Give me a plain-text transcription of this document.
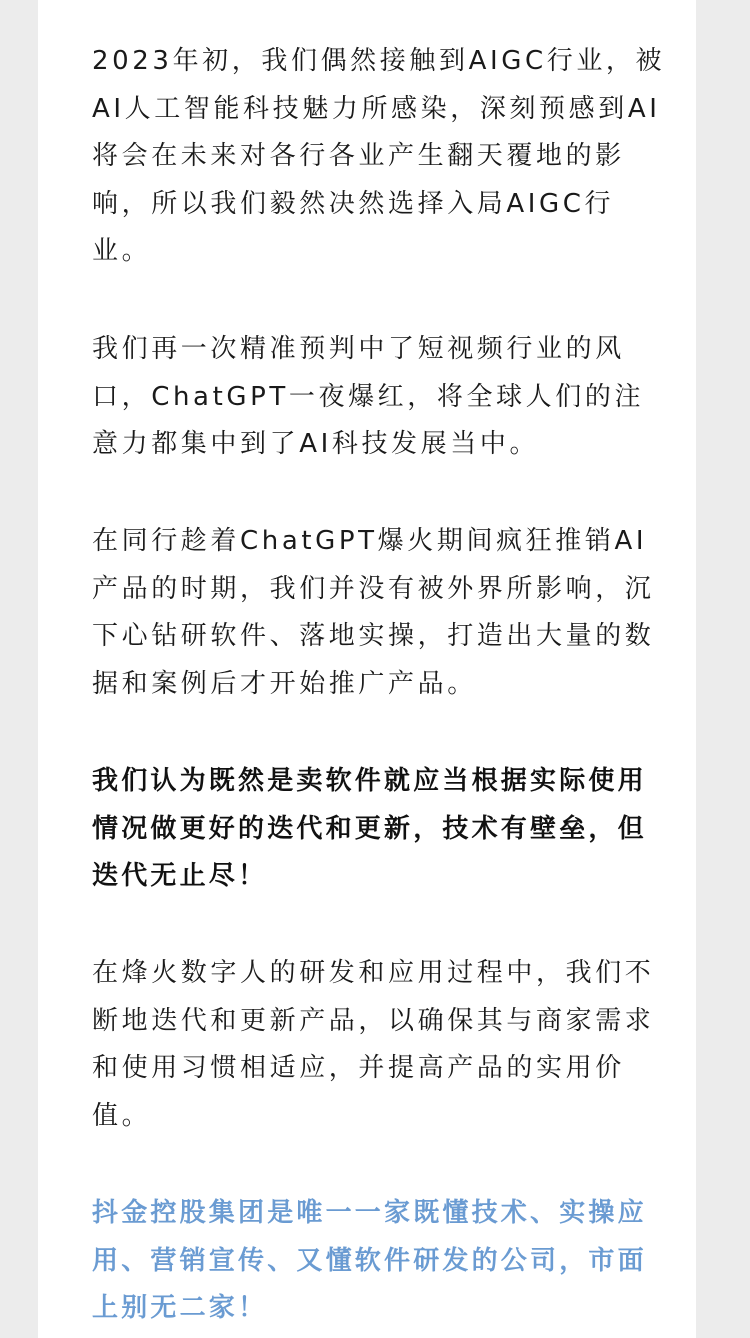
2023年初，我们偶然接触到AIGC行业，被AI人工智能科技魅力所感染，深刻预感到AI将会在未来对各行各业产生翻天覆地的影响，所以我们毅然决然选择入局AIGC行业。

我们再一次精准预判中了短视频行业的风口，ChatGPT一夜爆红，将全球人们的注意力都集中到了AI科技发展当中。

在同行趁着ChatGPT爆火期间疯狂推销AI产品的时期，我们并没有被外界所影响，沉下心钻研软件、落地实操，打造出大量的数据和案例后才开始推广产品。

我们认为既然是卖软件就应当根据实际使用情况做更好的迭代和更新，技术有壁垒，但迭代无止尽！

在烽火数字人的研发和应用过程中，我们不断地迭代和更新产品，以确保其与商家需求和使用习惯相适应，并提高产品的实用价值。

抖金控股集团是唯一一家既懂技术、实操应用、营销宣传、又懂软件研发的公司，市面上别无二家！
